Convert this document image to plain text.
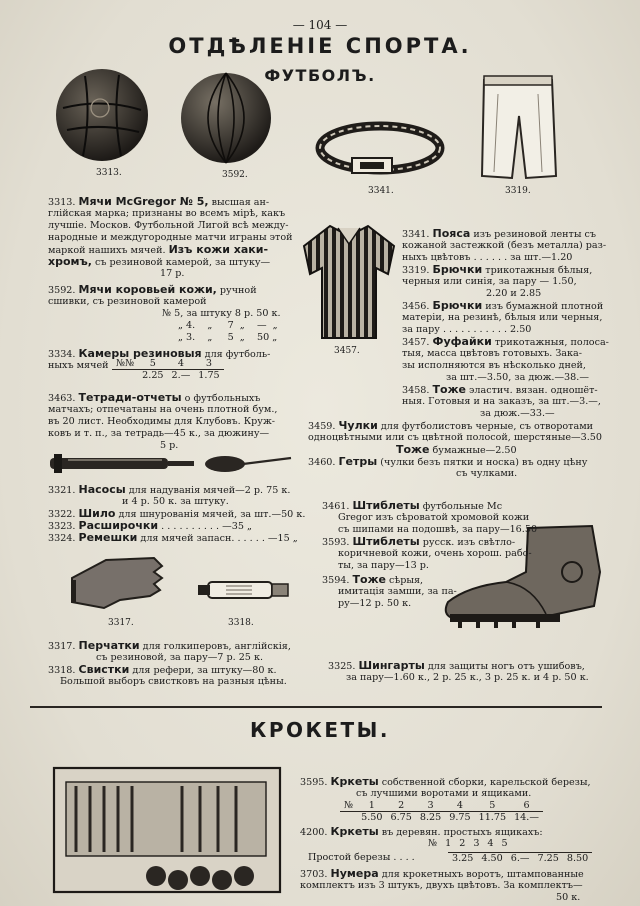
— 104 —
ОТДѢЛЕНІЕ СПОРТА.
ФУТБОЛЪ.
3313.	3592.
3341.	3319.
3457.
3317.	3318.
3313. Мячи McGregor № 5, высшая ан-
глійская марка; признаны во всемъ мірѣ, какъ
лучшіе. Москов. Футбольной Лигой всѣ между-
народные и междугородные матчи играны этой
маркой нашихъ мячей. Изъ кожи хаки-
хромъ, съ резиновой камерой, за штуку—
17 р.
3592. Мячи коровьей кожи, ручной
сшивки, съ резиновой камерой
№ 5, за штуку 8 р. 50 к.
„ 4.    „     7  „    —  „
„ 3.    „     5  „    50 „
3334. Камеры резиновыя для футболь-
ныхъ мячей №№	5	4	3
	2.25	2.—	1.75
3463. Тетради-отчеты о футбольныхъ
матчахъ; отпечатаны на очень плотной бум.,
въ 20 лист. Необходимы для Клубовъ. Круж-
ковъ и т. п., за тетрадь—45 к., за дюжину—
5 р.
3321. Насосы для надуванія мячей—2 р. 75 к.
и 4 р. 50 к. за штуку.
3322. Шило для шнурованія мячей, за шт.—50 к.
3323. Расширочки . . . . . . . . . . —35 „
3324. Ремешки для мячей запасн. . . . . . —15 „
3317. Перчатки для голкиперовъ, англійскія,
съ резиновой, за пару—7 р. 25 к.
3318. Свистки для рефери, за штуку—80 к.
Большой выборъ свистковъ на разныя цѣны.
3341. Пояса изъ резиновой ленты съ
кожаной застежкой (безъ металла) раз-
ныхъ цвѣтовъ . . . . . . за шт.—1.20
3319. Брючки трикотажныя бѣлыя,
черныя или синія, за пару — 1.50,
2.20 и 2.85
3456. Брючки изъ бумажной плотной
матеріи, на резинѣ, бѣлыя или черныя,
за пару . . . . . . . . . . . 2.50
3457. Фуфайки трикотажныя, полоса-
тыя, масса цвѣтовъ готовыхъ. Зака-
зы исполняются въ нѣсколько дней,
за шт.—3.50, за дюж.—38.—
3458. Тоже эластич. вязан. одношёт-
ныя. Готовыя и на заказъ, за шт.—3.—,
за дюж.—33.—
3459. Чулки для футболистовъ черные, съ отворотами
одноцвѣтными или съ цвѣтной полосой, шерстяные—3.50
Тоже бумажные—2.50
3460. Гетры (чулки безъ пятки и носка) въ одну цѣну
съ чулками.
3461. Штиблеты футбольные Mc
Gregor изъ сѣроватой хромовой кожи
съ шипами на подошвѣ, за пару—16.50
3593. Штиблеты русск. изъ свѣтло-
коричневой кожи, очень хорош. рабо-
ты, за пару—13 р.
3594. Тоже сѣрыя,
имитація замши, за па-
ру—12 р. 50 к.
3325. Шингарты для защиты ногъ отъ ушибовъ,
за пару—1.60 к., 2 р. 25 к., 3 р. 25 к. и 4 р. 50 к.
КРОКЕТЫ.
3595. Кркеты собственной сборки, карельской березы,
съ лучшими воротами и ящиками.
№	1	2	3	4	5	6
	5.50	6.75	8.25	9.75	11.75	14.—
4200. Кркеты въ деревян. простыхъ ящикахъ:
№	1	2	3	4	5
Простой березы . . . .	3.25	4.50	6.—	7.25	8.50
3703. Нумера для крокетныхъ воротъ, штампованные
комплектъ изъ 3 штукъ, двухъ цвѣтовъ. За комплектъ—
50 к.
